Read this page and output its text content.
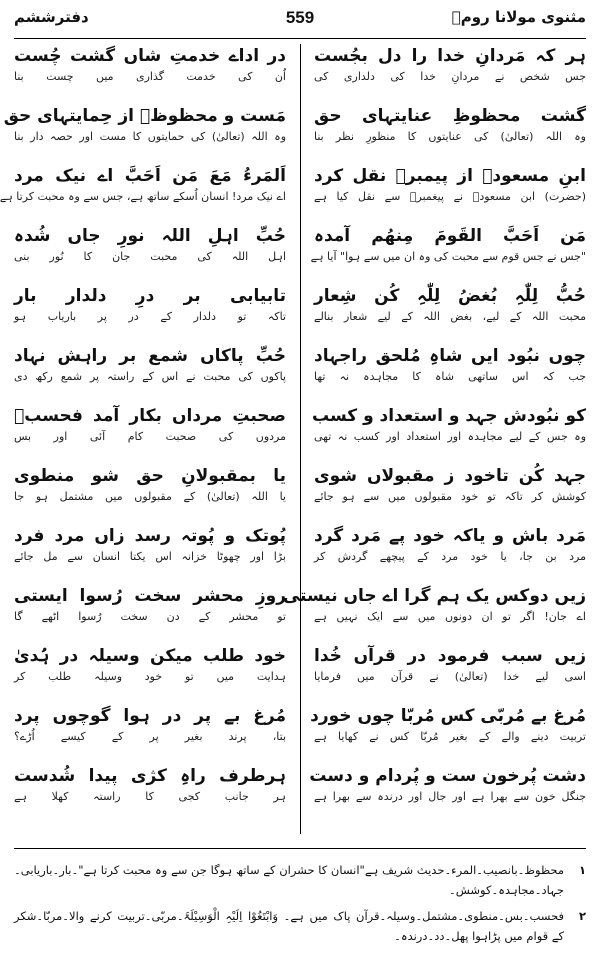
مثنوی مولانا رومؒ
559
دفترششم
ہر کہ مَردانِ خدا را دل بجُست
جس شخص نے مردانِ خدا کی دلداری کی
گشت محظوظِ عنایتہای حق
وہ اللہ (تعالیٰ) کی عنایتوں کا منظورِ نظر بنا
ابنِ مسعودؓ از پیمبرؐ نقل کرد
(حضرت) ابن مسعودؓ نے پیغمبرؐ سے نقل کیا ہے
مَن اَحَبَّ القَومَ مِنھُم آمدہ
"جس نے جس قوم سے محبت کی وہ ان میں سے ہوا" آیا ہے
حُبُّ لِلّٰہِ بُغضُ لِلّٰہِ کُن شِعار
محبت اللہ کے لیے، بغض اللہ کے لیے شعار بنالے
چوں نبُود ایں شاہِ مُلحق راجہاد
جب کہ اس ساتھی شاہ کا مجاہدہ نہ تھا
کو نبُودش جہد و استعداد و کسب
وہ جس کے لیے مجاہدہ اور استعداد اور کسب نہ تھی
جہد کُن تاخود ز مقبولاں شوی
کوشش کر تاکہ تو خود مقبولوں میں سے ہو جائے
مَرد باش و یاکہ خود پے مَرد گرد
مرد بن جا، یا خود مرد کے پیچھے گردش کر
زیں دوکس یک ہم گرا اے جاں نیستی
اے جان! اگر تو ان دونوں میں سے ایک نہیں ہے
زیں سبب فرمود در قرآں خُدا
اسی لیے خدا (تعالیٰ) نے قرآن میں فرمایا
مُرغ بے مُربّی کس مُربّا چوں خورد
تربیت دینے والے کے بغیر مُربّا کس نے کھایا ہے
دشت پُرخون ست و پُردام و دست
جنگل خون سے بھرا ہے اور جال اور درندہ سے بھرا ہے
در اداے خدمتِ شاں گشت چُست
اُن کی خدمت گذاری میں چست بنا
مَست و محظوظؔ از حِمایتہای حق
وہ اللہ (تعالیٰ) کی حمایتوں کا مست اور حصہ دار بنا
اَلمَرءُ مَعَ مَن اَحَبَّ اے نیک مرد
اے نیک مرد! انسان اُسکے ساتھ ہے، جس سے وہ محبت کرتا ہے
حُبِّ اہلِ اللہ نورِ جاں شُدہ
اہل اللہ کی محبت جان کا نُور بنی
تابیابی بر درِ دلدار بار
تاکہ تو دلدار کے در پر باریاب ہو
حُبِّ پاکاں شمع بر راہش نہاد
پاکوں کی محبت نے اس کے راستہ پر شمع رکھ دی
صحبتِ مرداں بکار آمد فحسبؔ
مردوں کی صحبت کام آئی اور بس
یا بمقبولانِ حق شو منطوی
یا اللہ (تعالیٰ) کے مقبولوں میں مشتمل ہو جا
پُوتک و پُوتہ رسد زاں مرد فرد
بڑا اور چھوٹا خزانہ اس یکتا انسان سے مل جائے
روزِ محشر سخت رُسوا ایستی
تو محشر کے دن سخت رُسوا اٹھے گا
خود طلب میکن وسیلہ در ہُدیٰ
ہدایت میں تو خود وسیلہ طلب کر
مُرغ بے پر در ہوا گوچوں پرد
بتا، پرند بغیر پر کے کیسے اُڑے؟
ہرطرف راہِ کژی پیدا شُدست
ہر جانب کجی کا راستہ کھلا ہے
۱
محظوظ۔بانصیب۔المرء۔حدیث شریف ہے"انسان کا حشران کے ساتھ ہوگا جن سے وہ محبت کرتا ہے"۔بار۔باریابی۔جہاد۔مجاہدہ۔کوشش۔
۲
فحسب۔بس۔منطوی۔مشتمل۔وسیلہ۔قرآن پاک میں ہے۔ وَابْتَغُوْا اِلَیْہِ الْوَسِیْلَۃَ۔مربّی۔تربیت کرنے والا۔مربّا۔شکر کے قوام میں پڑاہوا پھل۔دد۔درندہ۔
